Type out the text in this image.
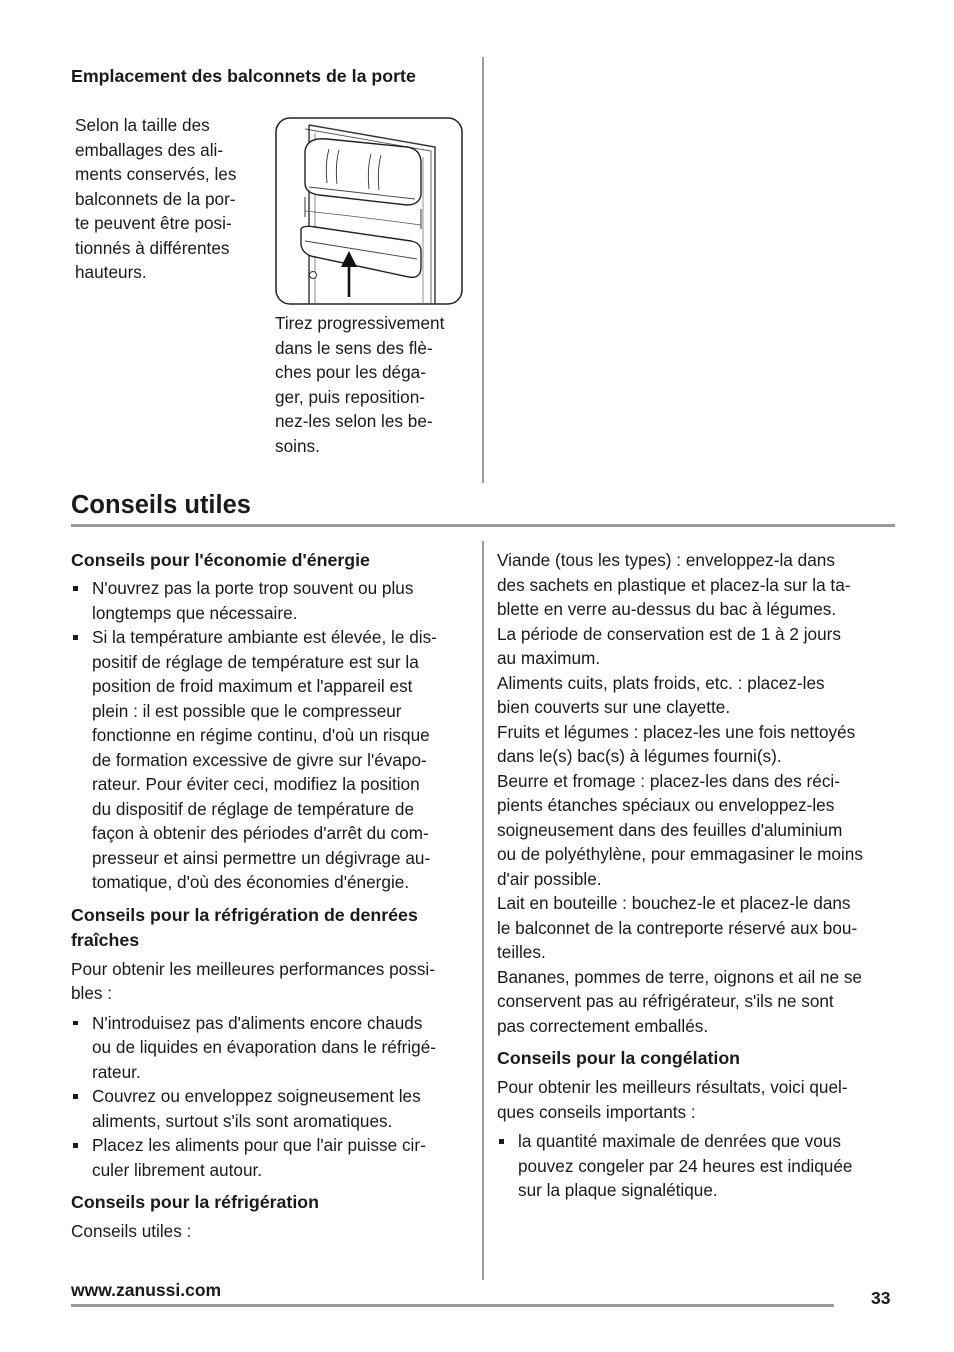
Emplacement des balconnets de la porte
Selon la taille des
emballages des ali-
ments conservés, les
balconnets de la por-
te peuvent être posi-
tionnés à différentes
hauteurs.
Tirez progressivement
dans le sens des flè-
ches pour les déga-
ger, puis reposition-
nez-les selon les be-
soins.
Conseils utiles
Conseils pour l'économie d'énergie
N'ouvrez pas la porte trop souvent ou plus
longtemps que nécessaire.
Si la température ambiante est élevée, le dis-
positif de réglage de température est sur la
position de froid maximum et l'appareil est
plein : il est possible que le compresseur
fonctionne en régime continu, d'où un risque
de formation excessive de givre sur l'évapo-
rateur. Pour éviter ceci, modifiez la position
du dispositif de réglage de température de
façon à obtenir des périodes d'arrêt du com-
presseur et ainsi permettre un dégivrage au-
tomatique, d'où des économies d'énergie.
Conseils pour la réfrigération de denrées
fraîches
Pour obtenir les meilleures performances possi-
bles :
N'introduisez pas d'aliments encore chauds
ou de liquides en évaporation dans le réfrigé-
rateur.
Couvrez ou enveloppez soigneusement les
aliments, surtout s'ils sont aromatiques.
Placez les aliments pour que l'air puisse cir-
culer librement autour.
Conseils pour la réfrigération
Conseils utiles :
Viande (tous les types) : enveloppez-la dans
des sachets en plastique et placez-la sur la ta-
blette en verre au-dessus du bac à légumes.
La période de conservation est de 1 à 2 jours
au maximum.
Aliments cuits, plats froids, etc. : placez-les
bien couverts sur une clayette.
Fruits et légumes : placez-les une fois nettoyés
dans le(s) bac(s) à légumes fourni(s).
Beurre et fromage : placez-les dans des réci-
pients étanches spéciaux ou enveloppez-les
soigneusement dans des feuilles d'aluminium
ou de polyéthylène, pour emmagasiner le moins
d'air possible.
Lait en bouteille : bouchez-le et placez-le dans
le balconnet de la contreporte réservé aux bou-
teilles.
Bananes, pommes de terre, oignons et ail ne se
conservent pas au réfrigérateur, s'ils ne sont
pas correctement emballés.
Conseils pour la congélation
Pour obtenir les meilleurs résultats, voici quel-
ques conseils importants :
la quantité maximale de denrées que vous
pouvez congeler par 24 heures est indiquée
sur la plaque signalétique.
www.zanussi.com	33
